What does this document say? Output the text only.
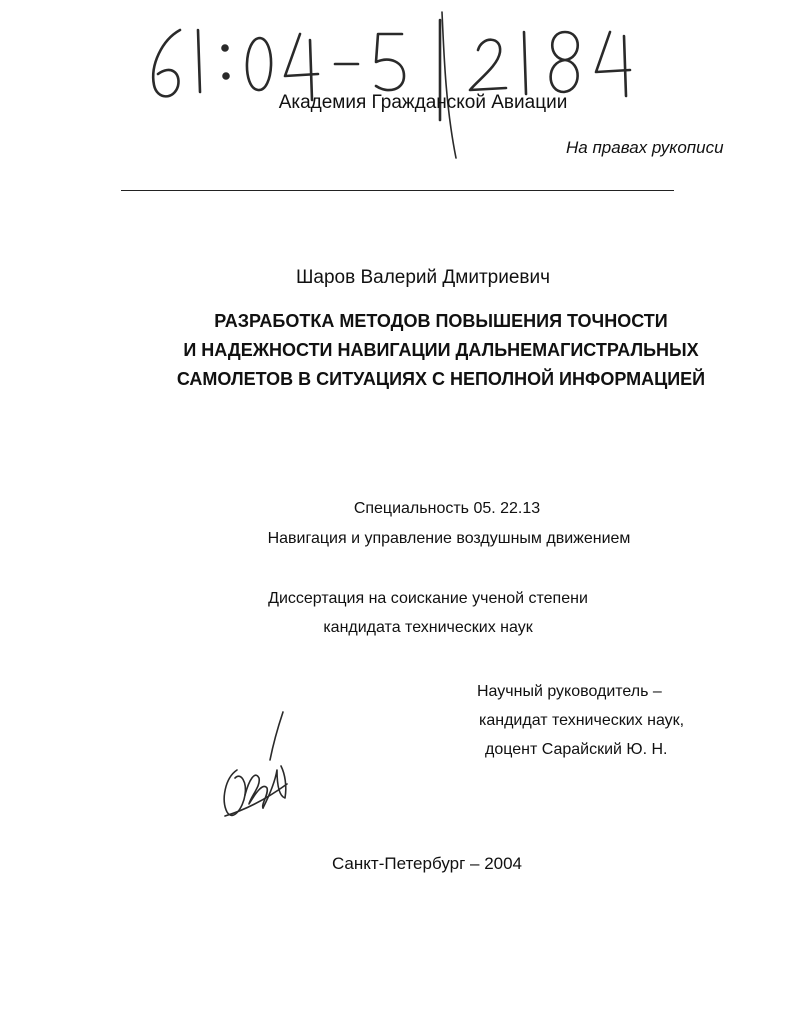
Академия Гражданской Авиации
На правах рукописи
Шаров Валерий Дмитриевич
РАЗРАБОТКА МЕТОДОВ ПОВЫШЕНИЯ ТОЧНОСТИ
И НАДЕЖНОСТИ НАВИГАЦИИ ДАЛЬНЕМАГИСТРАЛЬНЫХ
САМОЛЕТОВ В СИТУАЦИЯХ С НЕПОЛНОЙ ИНФОРМАЦИЕЙ
Специальность 05. 22.13
Навигация и управление воздушным движением
Диссертация на соискание ученой степени
кандидата технических наук
Научный руководитель –
кандидат технических наук,
доцент Сарайский Ю. Н.
Санкт-Петербург – 2004
